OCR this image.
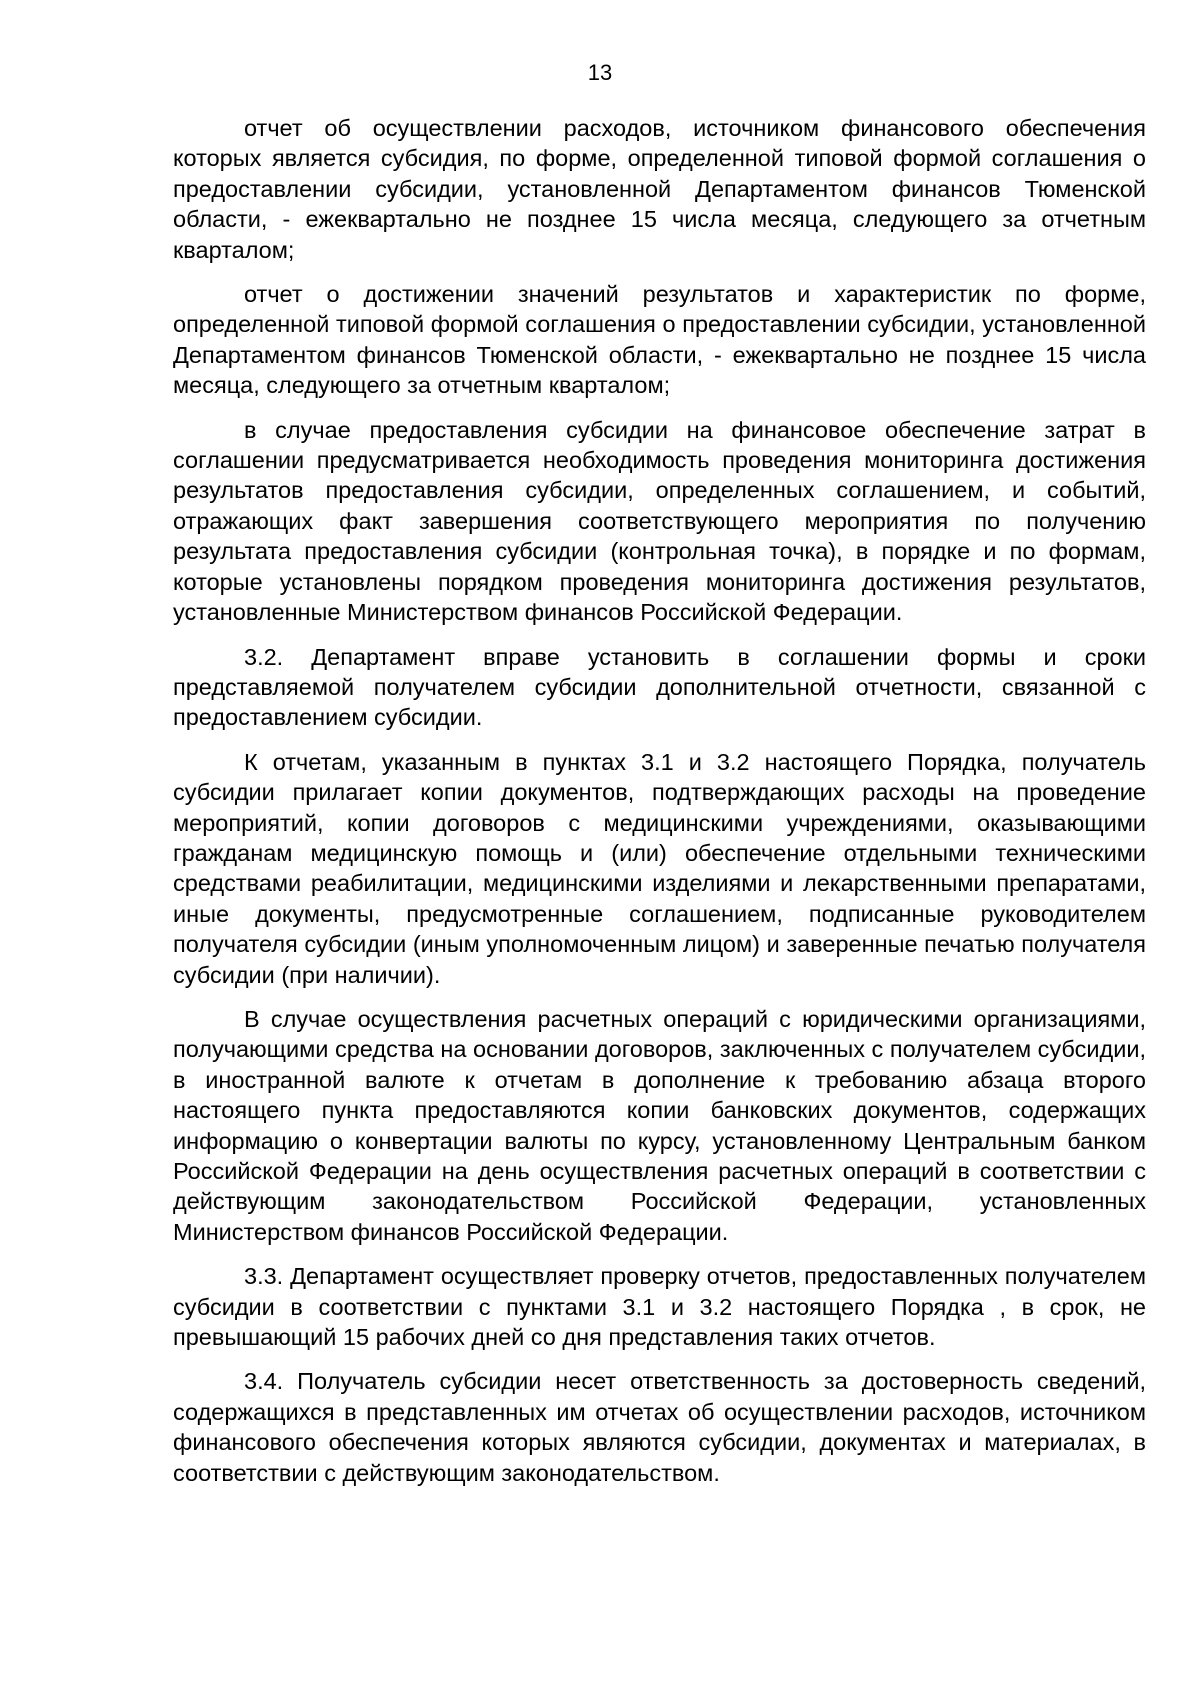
13

отчет об осуществлении расходов, источником финансового обеспечения которых является субсидия, по форме, определенной типовой формой соглашения о предоставлении субсидии, установленной Департаментом финансов Тюменской области, - ежеквартально не позднее 15 числа месяца, следующего за отчетным кварталом;

отчет о достижении значений результатов и характеристик по форме, определенной типовой формой соглашения о предоставлении субсидии, установленной Департаментом финансов Тюменской области, - ежеквартально не позднее 15 числа месяца, следующего за отчетным кварталом;

в случае предоставления субсидии на финансовое обеспечение затрат в соглашении предусматривается необходимость проведения мониторинга достижения результатов предоставления субсидии, определенных соглашением, и событий, отражающих факт завершения соответствующего мероприятия по получению результата предоставления субсидии (контрольная точка), в порядке и по формам, которые установлены порядком проведения мониторинга достижения результатов, установленные Министерством финансов Российской Федерации.

3.2. Департамент вправе установить в соглашении формы и сроки представляемой получателем субсидии дополнительной отчетности, связанной с предоставлением субсидии.

К отчетам, указанным в пунктах 3.1 и 3.2 настоящего Порядка, получатель субсидии прилагает копии документов, подтверждающих расходы на проведение мероприятий, копии договоров с медицинскими учреждениями, оказывающими гражданам медицинскую помощь и (или) обеспечение отдельными техническими средствами реабилитации, медицинскими изделиями и лекарственными препаратами, иные документы, предусмотренные соглашением, подписанные руководителем получателя субсидии (иным уполномоченным лицом) и заверенные печатью получателя субсидии (при наличии).

В случае осуществления расчетных операций с юридическими организациями, получающими средства на основании договоров, заключенных с получателем субсидии, в иностранной валюте к отчетам в дополнение к требованию абзаца второго настоящего пункта предоставляются копии банковских документов, содержащих информацию о конвертации валюты по курсу, установленному Центральным банком Российской Федерации на день осуществления расчетных операций в соответствии с действующим законодательством Российской Федерации, установленных Министерством финансов Российской Федерации.

3.3. Департамент осуществляет проверку отчетов, предоставленных получателем субсидии в соответствии с пунктами 3.1 и 3.2 настоящего Порядка , в срок, не превышающий 15 рабочих дней со дня представления таких отчетов.

3.4. Получатель субсидии несет ответственность за достоверность сведений, содержащихся в представленных им отчетах об осуществлении расходов, источником финансового обеспечения которых являются субсидии, документах и материалах, в соответствии с действующим законодательством.
